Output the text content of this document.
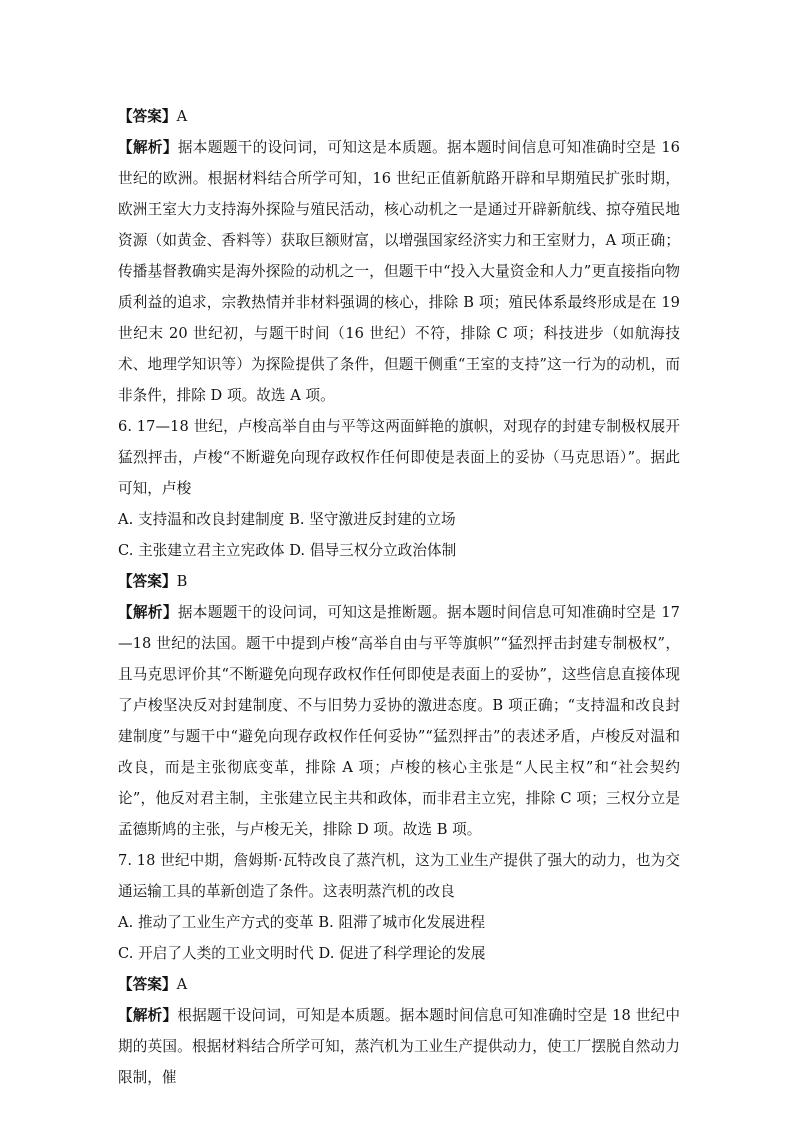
【答案】A

【解析】据本题题干的设问词，可知这是本质题。据本题时间信息可知准确时空是 16 世纪的欧洲。根据材料结合所学可知，16 世纪正值新航路开辟和早期殖民扩张时期，欧洲王室大力支持海外探险与殖民活动，核心动机之一是通过开辟新航线、掠夺殖民地资源（如黄金、香料等）获取巨额财富，以增强国家经济实力和王室财力，A 项正确；传播基督教确实是海外探险的动机之一，但题干中“投入大量资金和人力”更直接指向物质利益的追求，宗教热情并非材料强调的核心，排除 B 项；殖民体系最终形成是在 19 世纪末 20 世纪初，与题干时间（16 世纪）不符，排除 C 项；科技进步（如航海技术、地理学知识等）为探险提供了条件，但题干侧重“王室的支持”这一行为的动机，而非条件，排除 D 项。故选 A 项。

6. 17—18 世纪，卢梭高举自由与平等这两面鲜艳的旗帜，对现存的封建专制极权展开猛烈抨击，卢梭“不断避免向现存政权作任何即使是表面上的妥协（马克思语）”。据此可知，卢梭

A. 支持温和改良封建制度 B. 坚守激进反封建的立场

C. 主张建立君主立宪政体 D. 倡导三权分立政治体制

【答案】B

【解析】据本题题干的设问词，可知这是推断题。据本题时间信息可知准确时空是 17—18 世纪的法国。题干中提到卢梭“高举自由与平等旗帜”“猛烈抨击封建专制极权”，且马克思评价其“不断避免向现存政权作任何即使是表面上的妥协”，这些信息直接体现了卢梭坚决反对封建制度、不与旧势力妥协的激进态度。B 项正确；“支持温和改良封建制度”与题干中“避免向现存政权作任何妥协”“猛烈抨击”的表述矛盾，卢梭反对温和改良，而是主张彻底变革，排除 A 项；卢梭的核心主张是“人民主权”和“社会契约论”，他反对君主制，主张建立民主共和政体，而非君主立宪，排除 C 项；三权分立是孟德斯鸠的主张，与卢梭无关，排除 D 项。故选 B 项。

7. 18 世纪中期，詹姆斯·瓦特改良了蒸汽机，这为工业生产提供了强大的动力，也为交通运输工具的革新创造了条件。这表明蒸汽机的改良

A. 推动了工业生产方式的变革 B. 阻滞了城市化发展进程

C. 开启了人类的工业文明时代 D. 促进了科学理论的发展

【答案】A

【解析】根据题干设问词，可知是本质题。据本题时间信息可知准确时空是 18 世纪中期的英国。根据材料结合所学可知，蒸汽机为工业生产提供动力，使工厂摆脱自然动力限制，催
